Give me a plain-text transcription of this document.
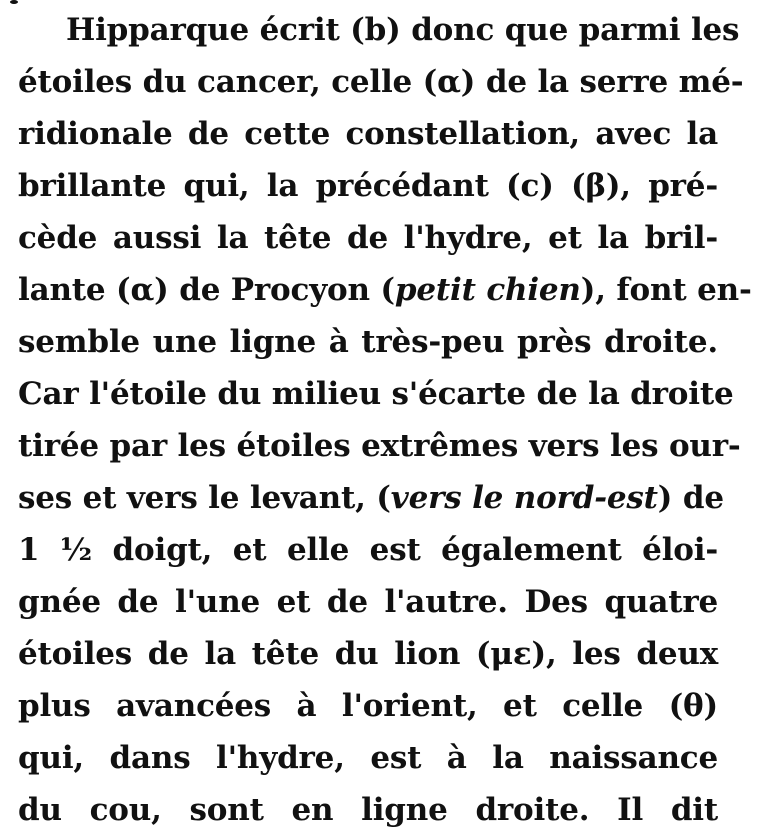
Hipparque écrit (b) donc que parmi les
étoiles du cancer, celle (α) de la serre mé-
ridionale de cette constellation, avec la
brillante qui, la précédant (c) (β), pré-
cède aussi la tête de l'hydre, et la bril-
lante (α) de Procyon (petit chien), font en-
semble une ligne à très-peu près droite.
Car l'étoile du milieu s'écarte de la droite
tirée par les étoiles extrêmes vers les our-
ses et vers le levant, (vers le nord-est) de
1 ½ doigt, et elle est également éloi-
gnée de l'une et de l'autre. Des quatre
étoiles de la tête du lion (με), les deux
plus avancées à l'orient, et celle (θ)
qui, dans l'hydre, est à la naissance
du cou, sont en ligne droite. Il dit
